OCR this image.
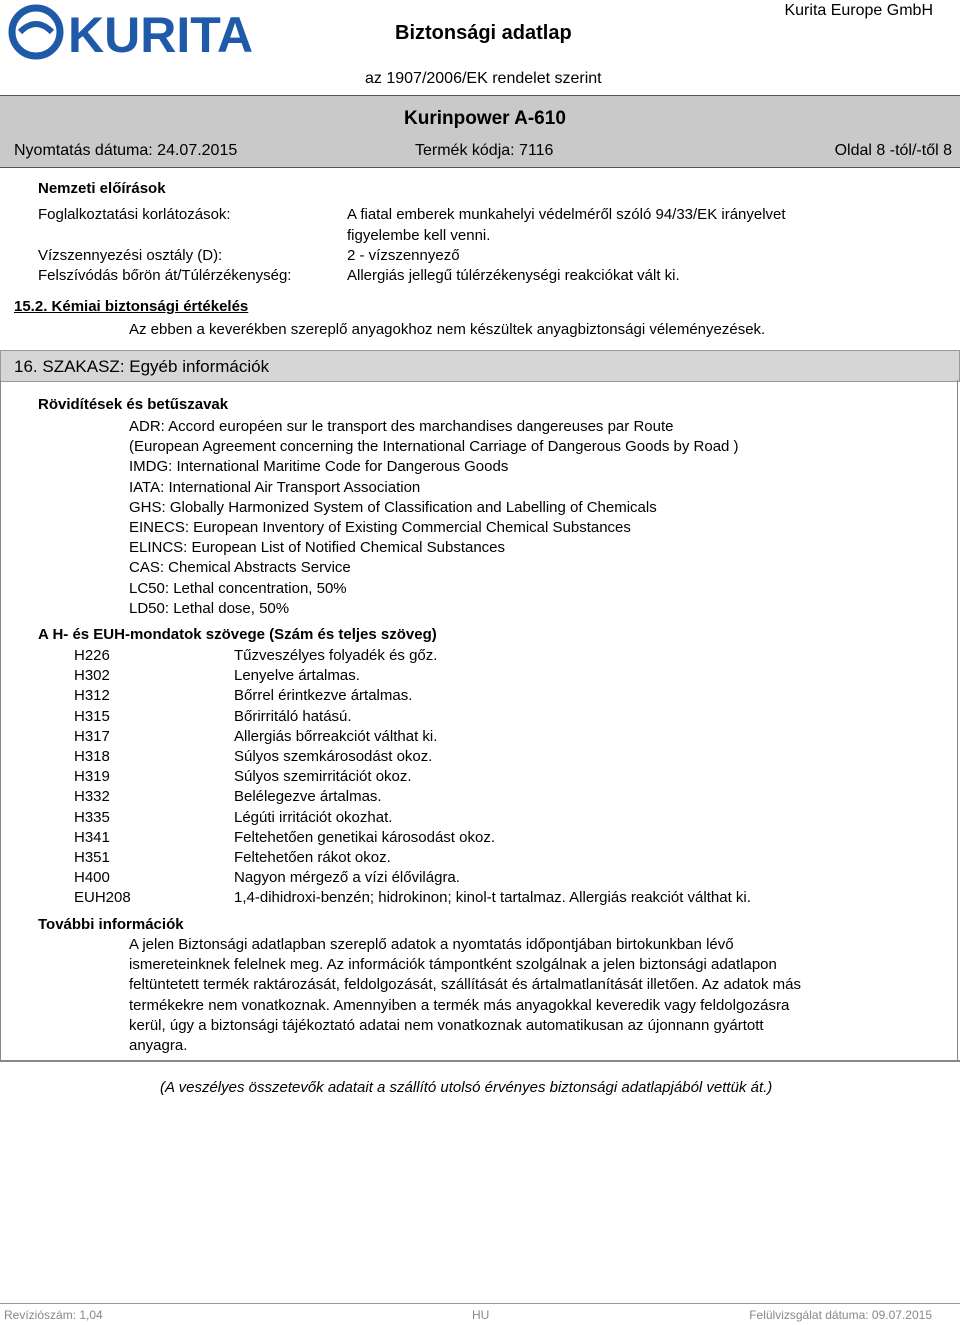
KURITA	Biztonsági adatlap
Kurita Europe GmbH
az 1907/2006/EK rendelet szerint
Kurinpower A-610
Nyomtatás dátuma: 24.07.2015	Termék kódja: 7116	Oldal 8 -tól/-től 8
Nemzeti előírások
Foglalkoztatási korlátozások:	A fiatal emberek munkahelyi védelméről szóló 94/33/EK irányelvet
figyelembe kell venni.
Vízszennyezési osztály (D):	2 - vízszennyező
Felszívódás bőrön át/Túlérzékenység:	Allergiás jellegű túlérzékenységi reakciókat vált ki.
15.2. Kémiai biztonsági értékelés
Az ebben a keverékben szereplő anyagokhoz nem készültek anyagbiztonsági véleményezések.
16. SZAKASZ: Egyéb információk
Rövidítések és betűszavak
ADR: Accord européen sur le transport des marchandises dangereuses par Route
(European Agreement concerning the International Carriage of Dangerous Goods by Road )
IMDG: International Maritime Code for Dangerous Goods
IATA: International Air Transport Association
GHS: Globally Harmonized System of Classification and Labelling of Chemicals
EINECS: European Inventory of Existing Commercial Chemical Substances
ELINCS: European List of Notified Chemical Substances
CAS: Chemical Abstracts Service
LC50: Lethal concentration, 50%
LD50: Lethal dose, 50%
A H- és EUH-mondatok szövege (Szám és teljes szöveg)
H226	Tűzveszélyes folyadék és gőz.
H302	Lenyelve ártalmas.
H312	Bőrrel érintkezve ártalmas.
H315	Bőrirritáló hatású.
H317	Allergiás bőrreakciót válthat ki.
H318	Súlyos szemkárosodást okoz.
H319	Súlyos szemirritációt okoz.
H332	Belélegezve ártalmas.
H335	Légúti irritációt okozhat.
H341	Feltehetően genetikai károsodást okoz.
H351	Feltehetően rákot okoz.
H400	Nagyon mérgező a vízi élővilágra.
EUH208	1,4-dihidroxi-benzén; hidrokinon; kinol-t tartalmaz. Allergiás reakciót válthat ki.
További információk
A jelen Biztonsági adatlapban szereplő adatok a nyomtatás időpontjában birtokunkban lévő
ismereteinknek felelnek meg. Az információk támpontként szolgálnak a jelen biztonsági adatlapon
feltüntetett termék raktározását, feldolgozását, szállítását és ártalmatlanítását illetően. Az adatok más
termékekre nem vonatkoznak. Amennyiben a termék más anyagokkal keveredik vagy feldolgozásra
kerül, úgy a biztonsági tájékoztató adatai nem vonatkoznak automatikusan az újonnann gyártott
anyagra.
(A veszélyes összetevők adatait a szállító utolsó érvényes biztonsági adatlapjából vettük át.)
Revíziószám: 1,04	HU	Felülvizsgálat dátuma: 09.07.2015
